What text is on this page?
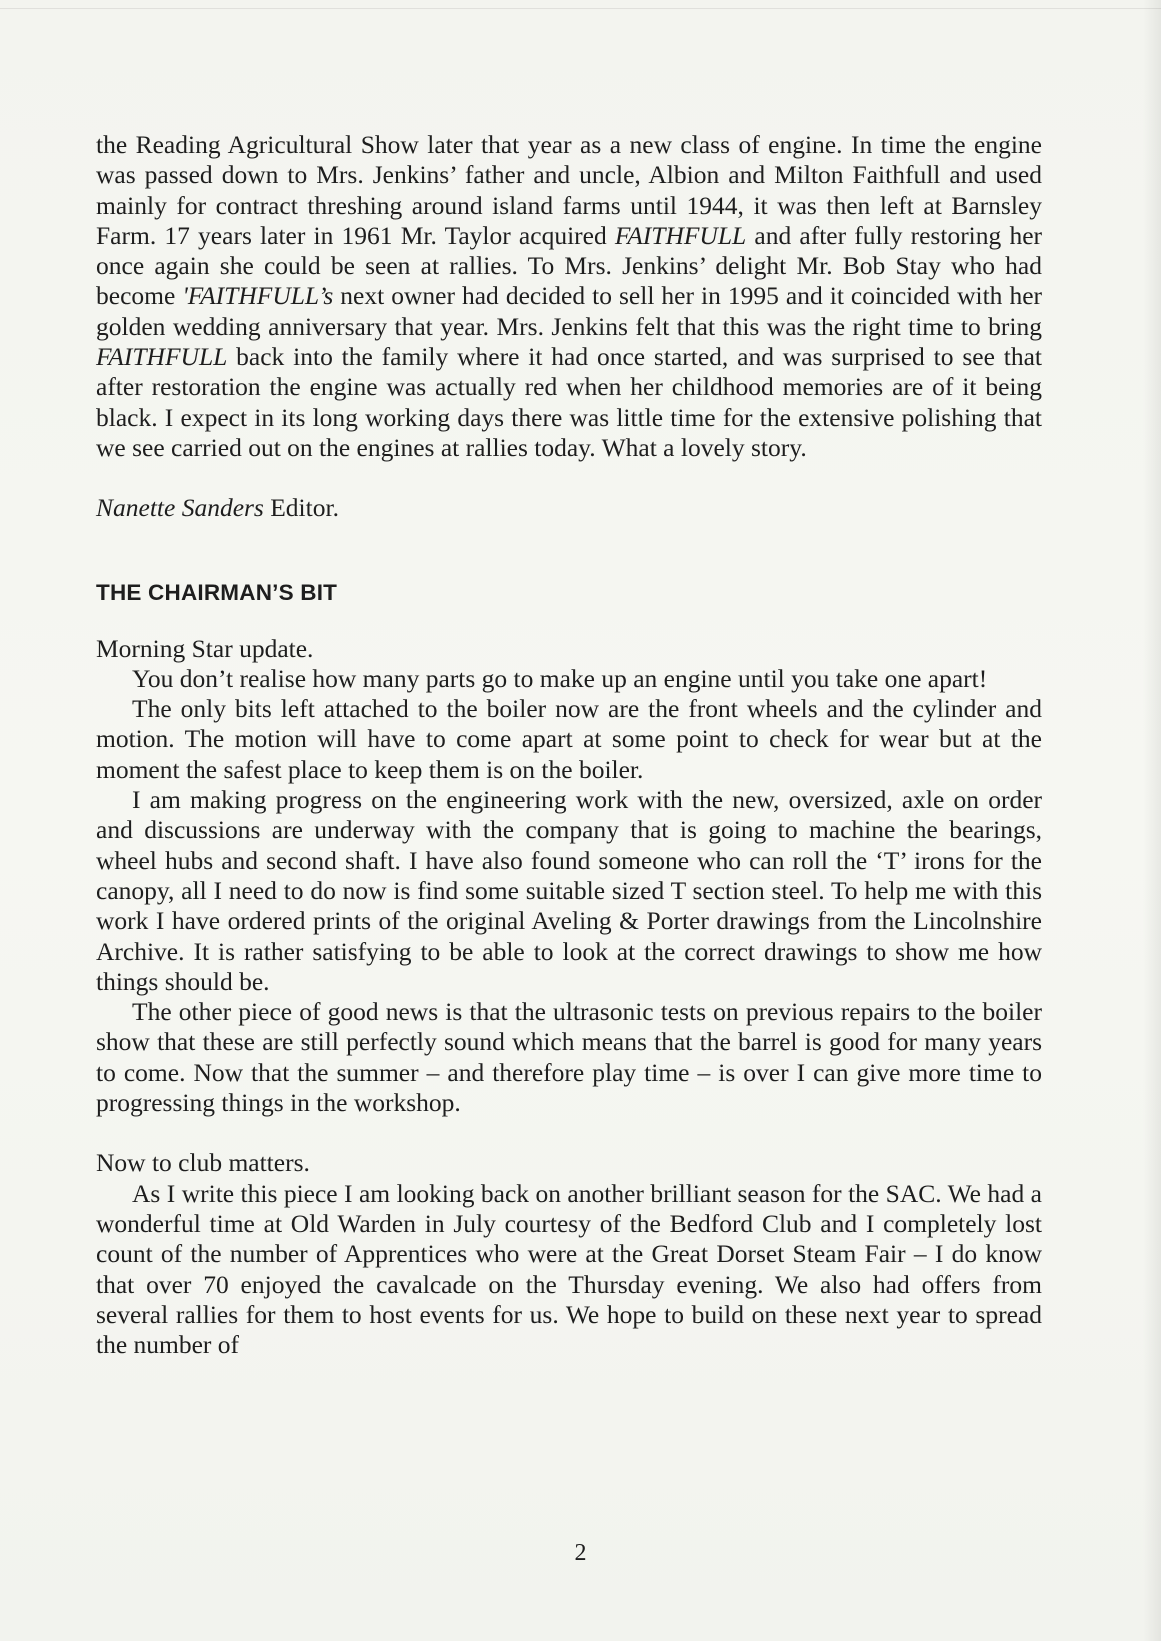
the Reading Agricultural Show later that year as a new class of engine. In time the engine was passed down to Mrs. Jenkins’ father and uncle, Albion and Milton Faithfull and used mainly for contract threshing around island farms until 1944, it was then left at Barnsley Farm. 17 years later in 1961 Mr. Taylor acquired FAITHFULL and after fully restoring her once again she could be seen at rallies. To Mrs. Jenkins’ delight Mr. Bob Stay who had become 'FAITHFULL’s next owner had decided to sell her in 1995 and it coincided with her golden wedding anniversary that year. Mrs. Jenkins felt that this was the right time to bring FAITHFULL back into the family where it had once started, and was surprised to see that after restoration the engine was actually red when her childhood memories are of it being black. I expect in its long working days there was little time for the extensive polishing that we see carried out on the engines at rallies today. What a lovely story.

Nanette Sanders Editor.

THE CHAIRMAN’S BIT

Morning Star update.

You don’t realise how many parts go to make up an engine until you take one apart!

The only bits left attached to the boiler now are the front wheels and the cylinder and motion. The motion will have to come apart at some point to check for wear but at the moment the safest place to keep them is on the boiler.

I am making progress on the engineering work with the new, oversized, axle on order and discussions are underway with the company that is going to machine the bearings, wheel hubs and second shaft. I have also found someone who can roll the ‘T’ irons for the canopy, all I need to do now is find some suitable sized T section steel. To help me with this work I have ordered prints of the original Aveling & Porter drawings from the Lincolnshire Archive. It is rather satisfying to be able to look at the correct drawings to show me how things should be.

The other piece of good news is that the ultrasonic tests on previous repairs to the boiler show that these are still perfectly sound which means that the barrel is good for many years to come. Now that the summer – and therefore play time – is over I can give more time to progressing things in the workshop.

Now to club matters.

As I write this piece I am looking back on another brilliant season for the SAC. We had a wonderful time at Old Warden in July courtesy of the Bedford Club and I completely lost count of the number of Apprentices who were at the Great Dorset Steam Fair – I do know that over 70 enjoyed the cavalcade on the Thursday evening. We also had offers from several rallies for them to host events for us. We hope to build on these next year to spread the number of

2
